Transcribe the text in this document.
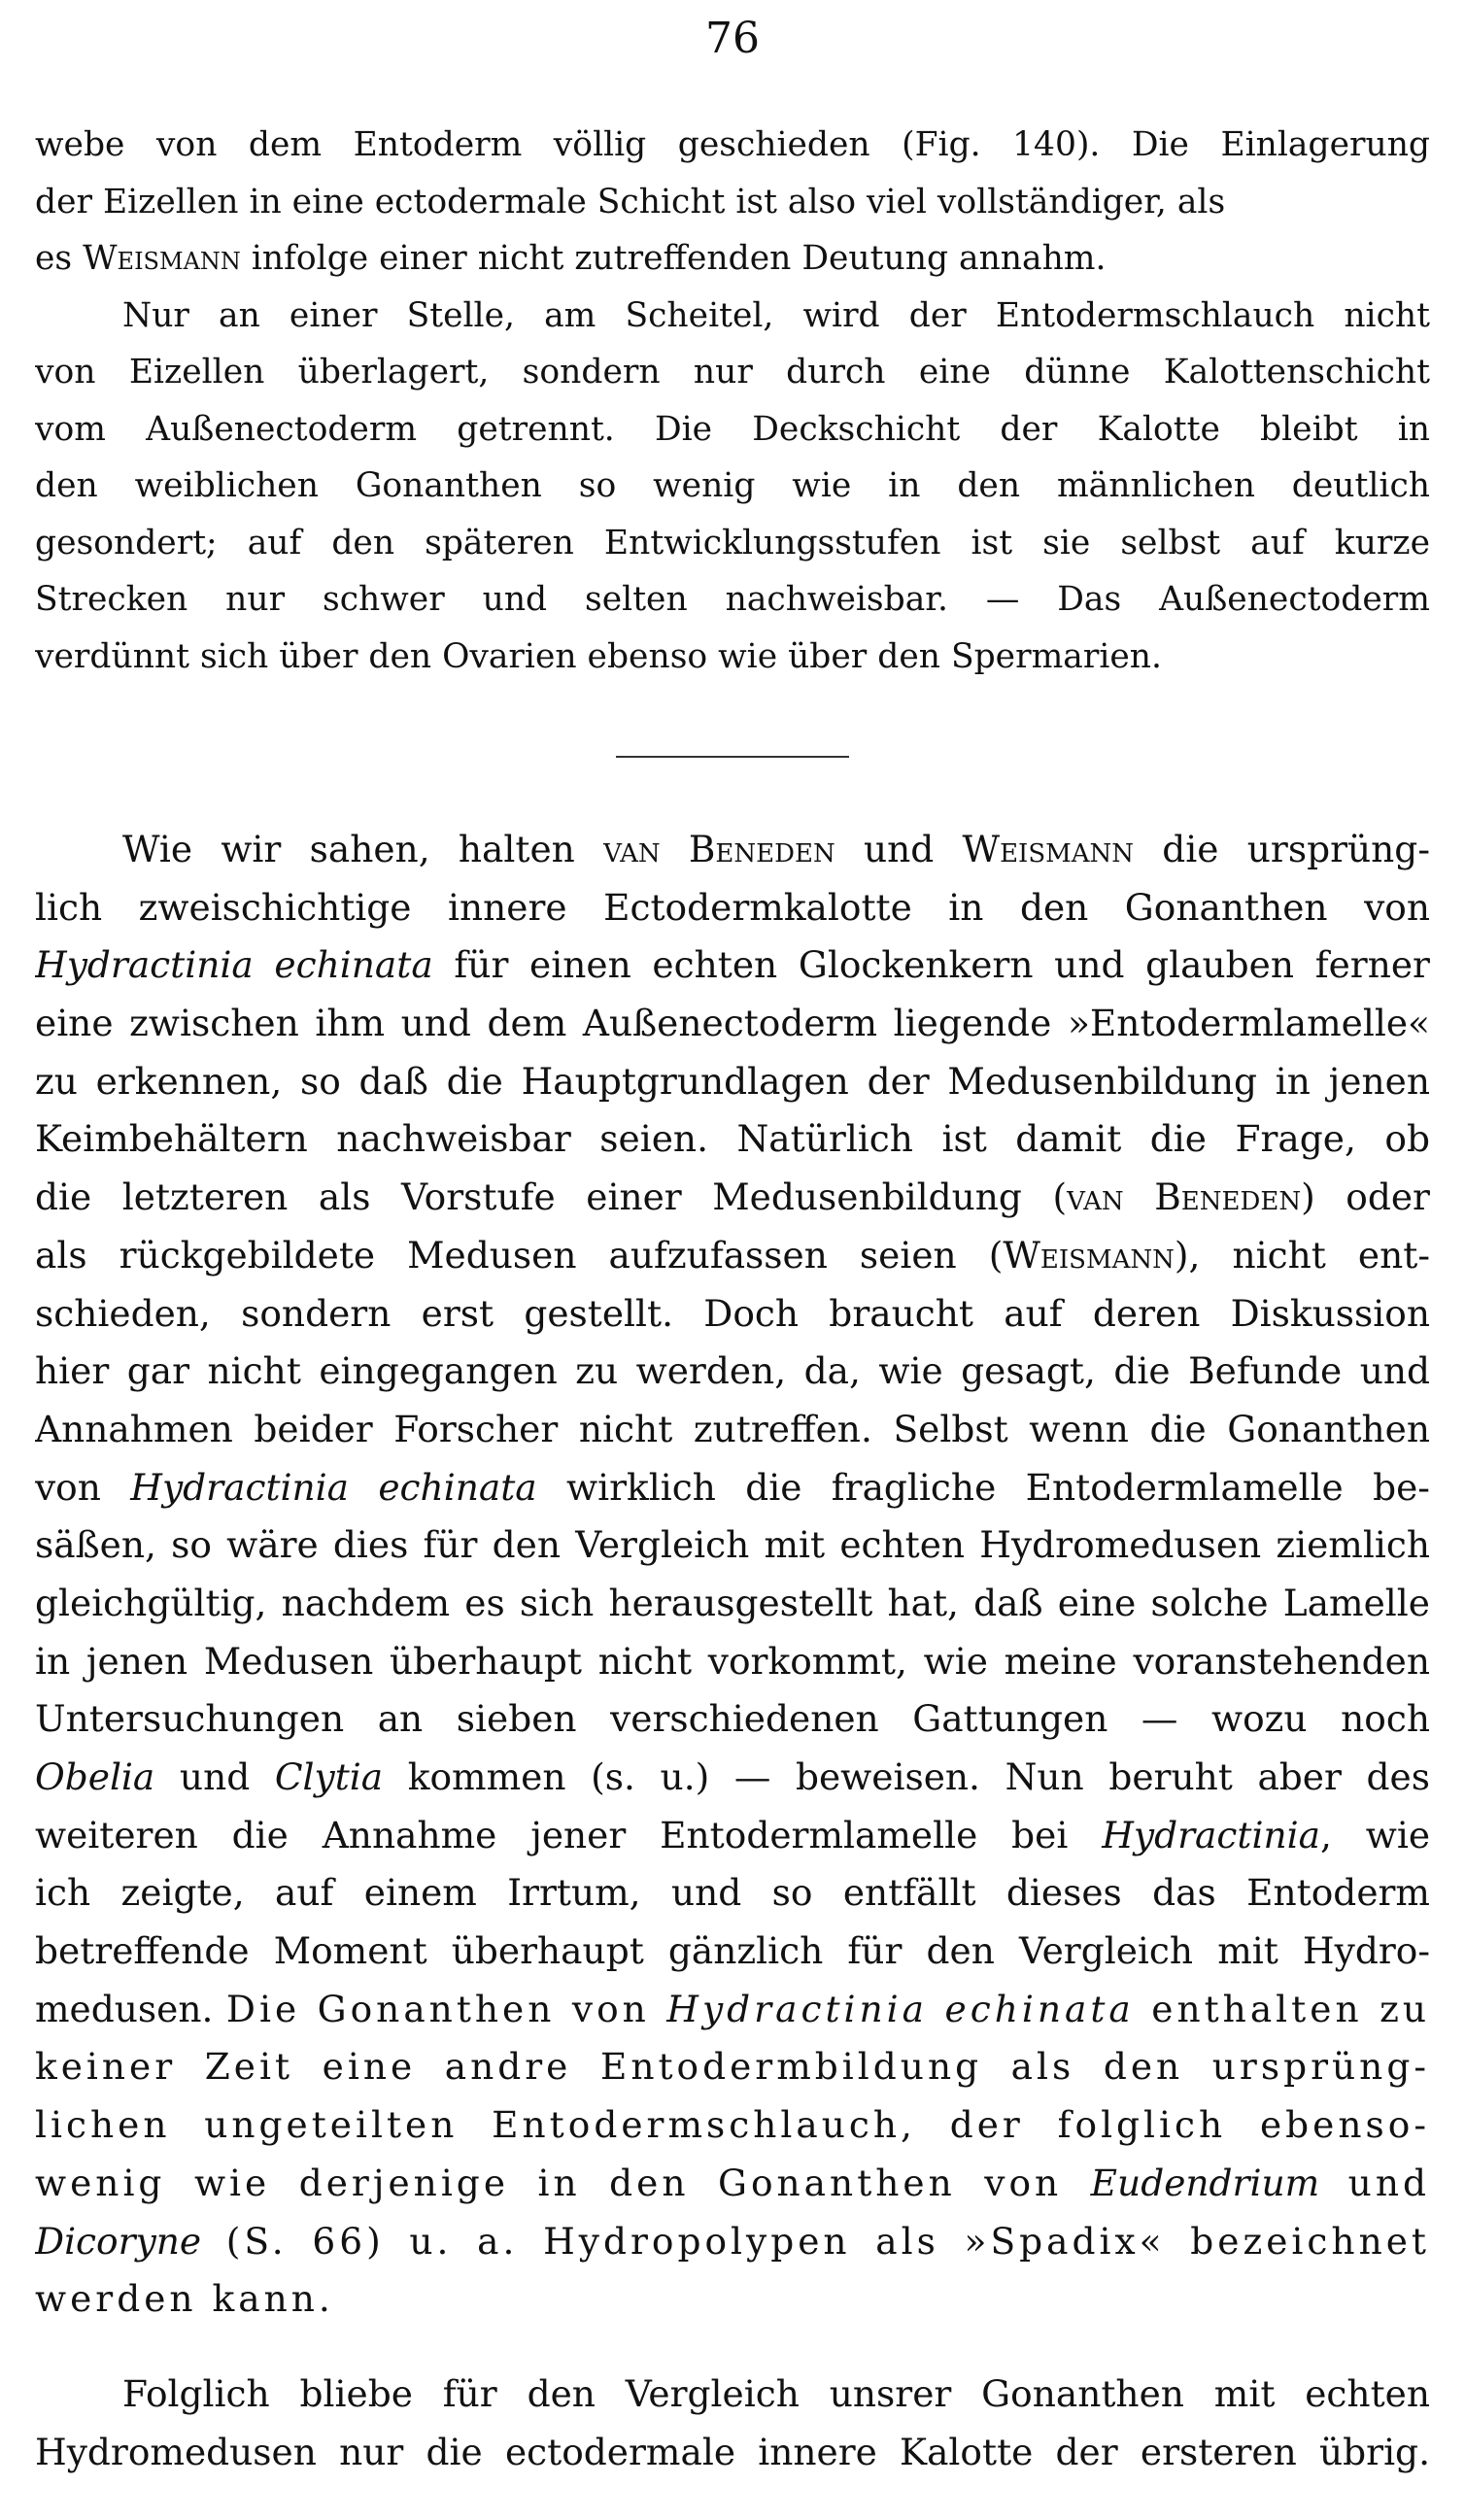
76
webe von dem Entoderm völlig geschieden (Fig. 140). Die Einlagerung
der Eizellen in eine ectodermale Schicht ist also viel vollständiger, als
es Weismann infolge einer nicht zutreffenden Deutung annahm.
Nur an einer Stelle, am Scheitel, wird der Entodermschlauch nicht
von Eizellen überlagert, sondern nur durch eine dünne Kalottenschicht
vom Außenectoderm getrennt. Die Deckschicht der Kalotte bleibt in
den weiblichen Gonanthen so wenig wie in den männlichen deutlich
gesondert; auf den späteren Entwicklungsstufen ist sie selbst auf kurze
Strecken nur schwer und selten nachweisbar. — Das Außenectoderm
verdünnt sich über den Ovarien ebenso wie über den Spermarien.
Wie wir sahen, halten van Beneden und Weismann die ursprüng-
lich zweischichtige innere Ectodermkalotte in den Gonanthen von
Hydractinia echinata für einen echten Glockenkern und glauben ferner
eine zwischen ihm und dem Außenectoderm liegende »Entodermlamelle«
zu erkennen, so daß die Hauptgrundlagen der Medusenbildung in jenen
Keimbehältern nachweisbar seien. Natürlich ist damit die Frage, ob
die letzteren als Vorstufe einer Medusenbildung (van Beneden) oder
als rückgebildete Medusen aufzufassen seien (Weismann), nicht ent-
schieden, sondern erst gestellt. Doch braucht auf deren Diskussion
hier gar nicht eingegangen zu werden, da, wie gesagt, die Befunde und
Annahmen beider Forscher nicht zutreffen. Selbst wenn die Gonanthen
von Hydractinia echinata wirklich die fragliche Entodermlamelle be-
säßen, so wäre dies für den Vergleich mit echten Hydromedusen ziemlich
gleichgültig, nachdem es sich herausgestellt hat, daß eine solche Lamelle
in jenen Medusen überhaupt nicht vorkommt, wie meine voranstehenden
Untersuchungen an sieben verschiedenen Gattungen — wozu noch
Obelia und Clytia kommen (s. u.) — beweisen. Nun beruht aber des
weiteren die Annahme jener Entodermlamelle bei Hydractinia, wie
ich zeigte, auf einem Irrtum, und so entfällt dieses das Entoderm
betreffende Moment überhaupt gänzlich für den Vergleich mit Hydro-
medusen. Die Gonanthen von Hydractinia echinata enthalten zu
keiner Zeit eine andre Entodermbildung als den ursprüng-
lichen ungeteilten Entodermschlauch, der folglich ebenso-
wenig wie derjenige in den Gonanthen von Eudendrium und
Dicoryne (S. 66) u. a. Hydropolypen als »Spadix« bezeichnet
werden kann.
Folglich bliebe für den Vergleich unsrer Gonanthen mit echten
Hydromedusen nur die ectodermale innere Kalotte der ersteren übrig.
